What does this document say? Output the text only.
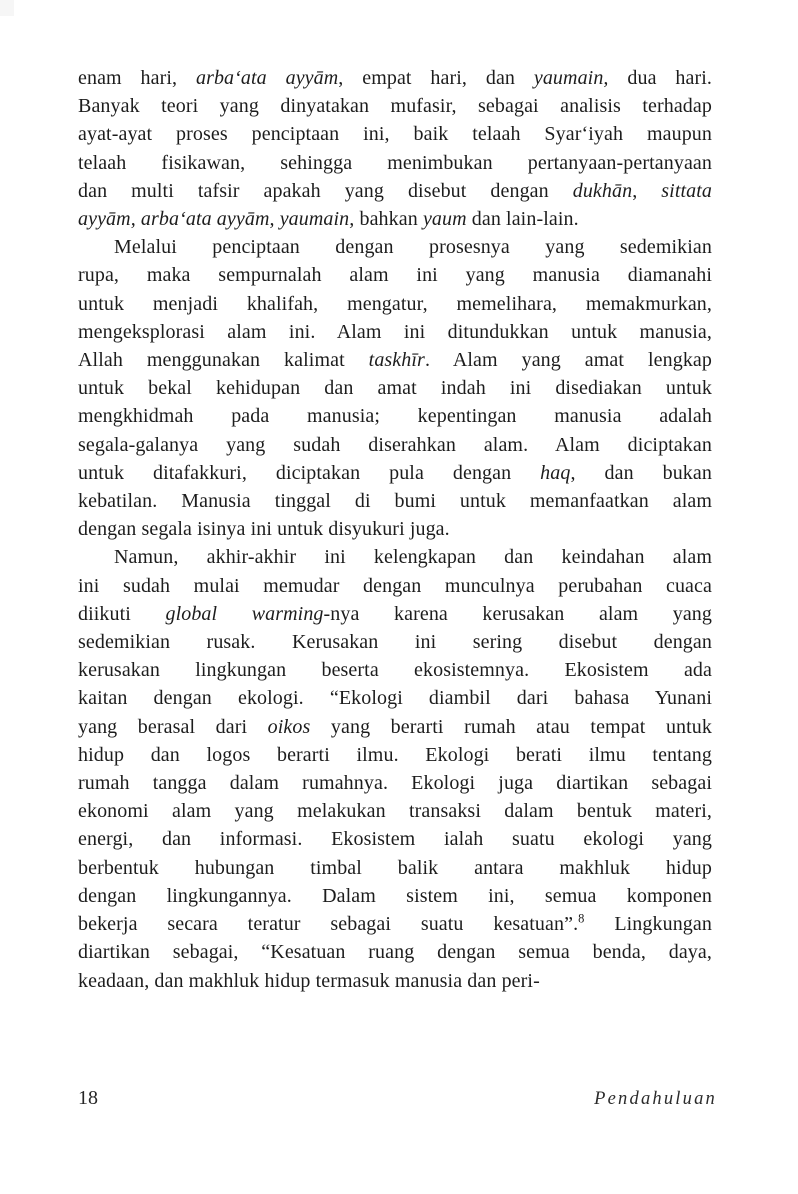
enam hari, arba‘ata ayyām, empat hari, dan yaumain, dua hari.
Banyak teori yang dinyatakan mufasir, sebagai analisis terhadap
ayat-ayat proses penciptaan ini, baik telaah Syar‘iyah maupun
telaah fisikawan, sehingga menimbukan pertanyaan-pertanyaan
dan multi tafsir apakah yang disebut dengan dukhān, sittata
ayyām, arba‘ata ayyām, yaumain, bahkan yaum dan lain-lain.
Melalui penciptaan dengan prosesnya yang sedemikian
rupa, maka sempurnalah alam ini yang manusia diamanahi
untuk menjadi khalifah, mengatur, memelihara, memakmurkan,
mengeksplorasi alam ini. Alam ini ditundukkan untuk manusia,
Allah menggunakan kalimat taskhīr. Alam yang amat lengkap
untuk bekal kehidupan dan amat indah ini disediakan untuk
mengkhidmah pada manusia; kepentingan manusia adalah
segala-galanya yang sudah diserahkan alam. Alam diciptakan
untuk ditafakkuri, diciptakan pula dengan haq, dan bukan
kebatilan. Manusia tinggal di bumi untuk memanfaatkan alam
dengan segala isinya ini untuk disyukuri juga.
Namun, akhir-akhir ini kelengkapan dan keindahan alam
ini sudah mulai memudar dengan munculnya perubahan cuaca
diikuti global warming-nya karena kerusakan alam yang
sedemikian rusak. Kerusakan ini sering disebut dengan
kerusakan lingkungan beserta ekosistemnya. Ekosistem ada
kaitan dengan ekologi. “Ekologi diambil dari bahasa Yunani
yang berasal dari oikos yang berarti rumah atau tempat untuk
hidup dan logos berarti ilmu. Ekologi berati ilmu tentang
rumah tangga dalam rumahnya. Ekologi juga diartikan sebagai
ekonomi alam yang melakukan transaksi dalam bentuk materi,
energi, dan informasi. Ekosistem ialah suatu ekologi yang
berbentuk hubungan timbal balik antara makhluk hidup
dengan lingkungannya. Dalam sistem ini, semua komponen
bekerja secara teratur sebagai suatu kesatuan”.$^8$ Lingkungan
diartikan sebagai, “Kesatuan ruang dengan semua benda, daya,
keadaan, dan makhluk hidup termasuk manusia dan peri-
18	Pendahuluan
